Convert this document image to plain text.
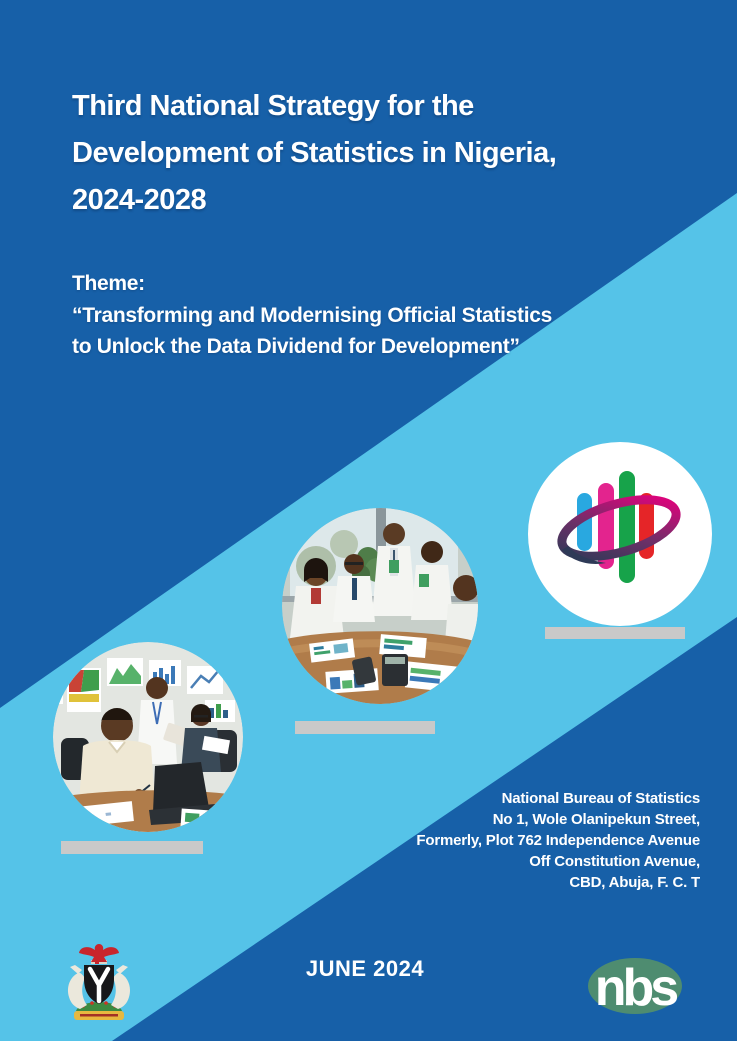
Third National Strategy for the
Development of Statistics in Nigeria,
2024-2028
Theme:
“Transforming and Modernising Official Statistics
to Unlock the Data Dividend for Development”
National Bureau of Statistics
No 1, Wole Olanipekun Street,
Formerly, Plot 762 Independence Avenue
Off Constitution Avenue,
CBD, Abuja, F. C. T
JUNE 2024	nbs
